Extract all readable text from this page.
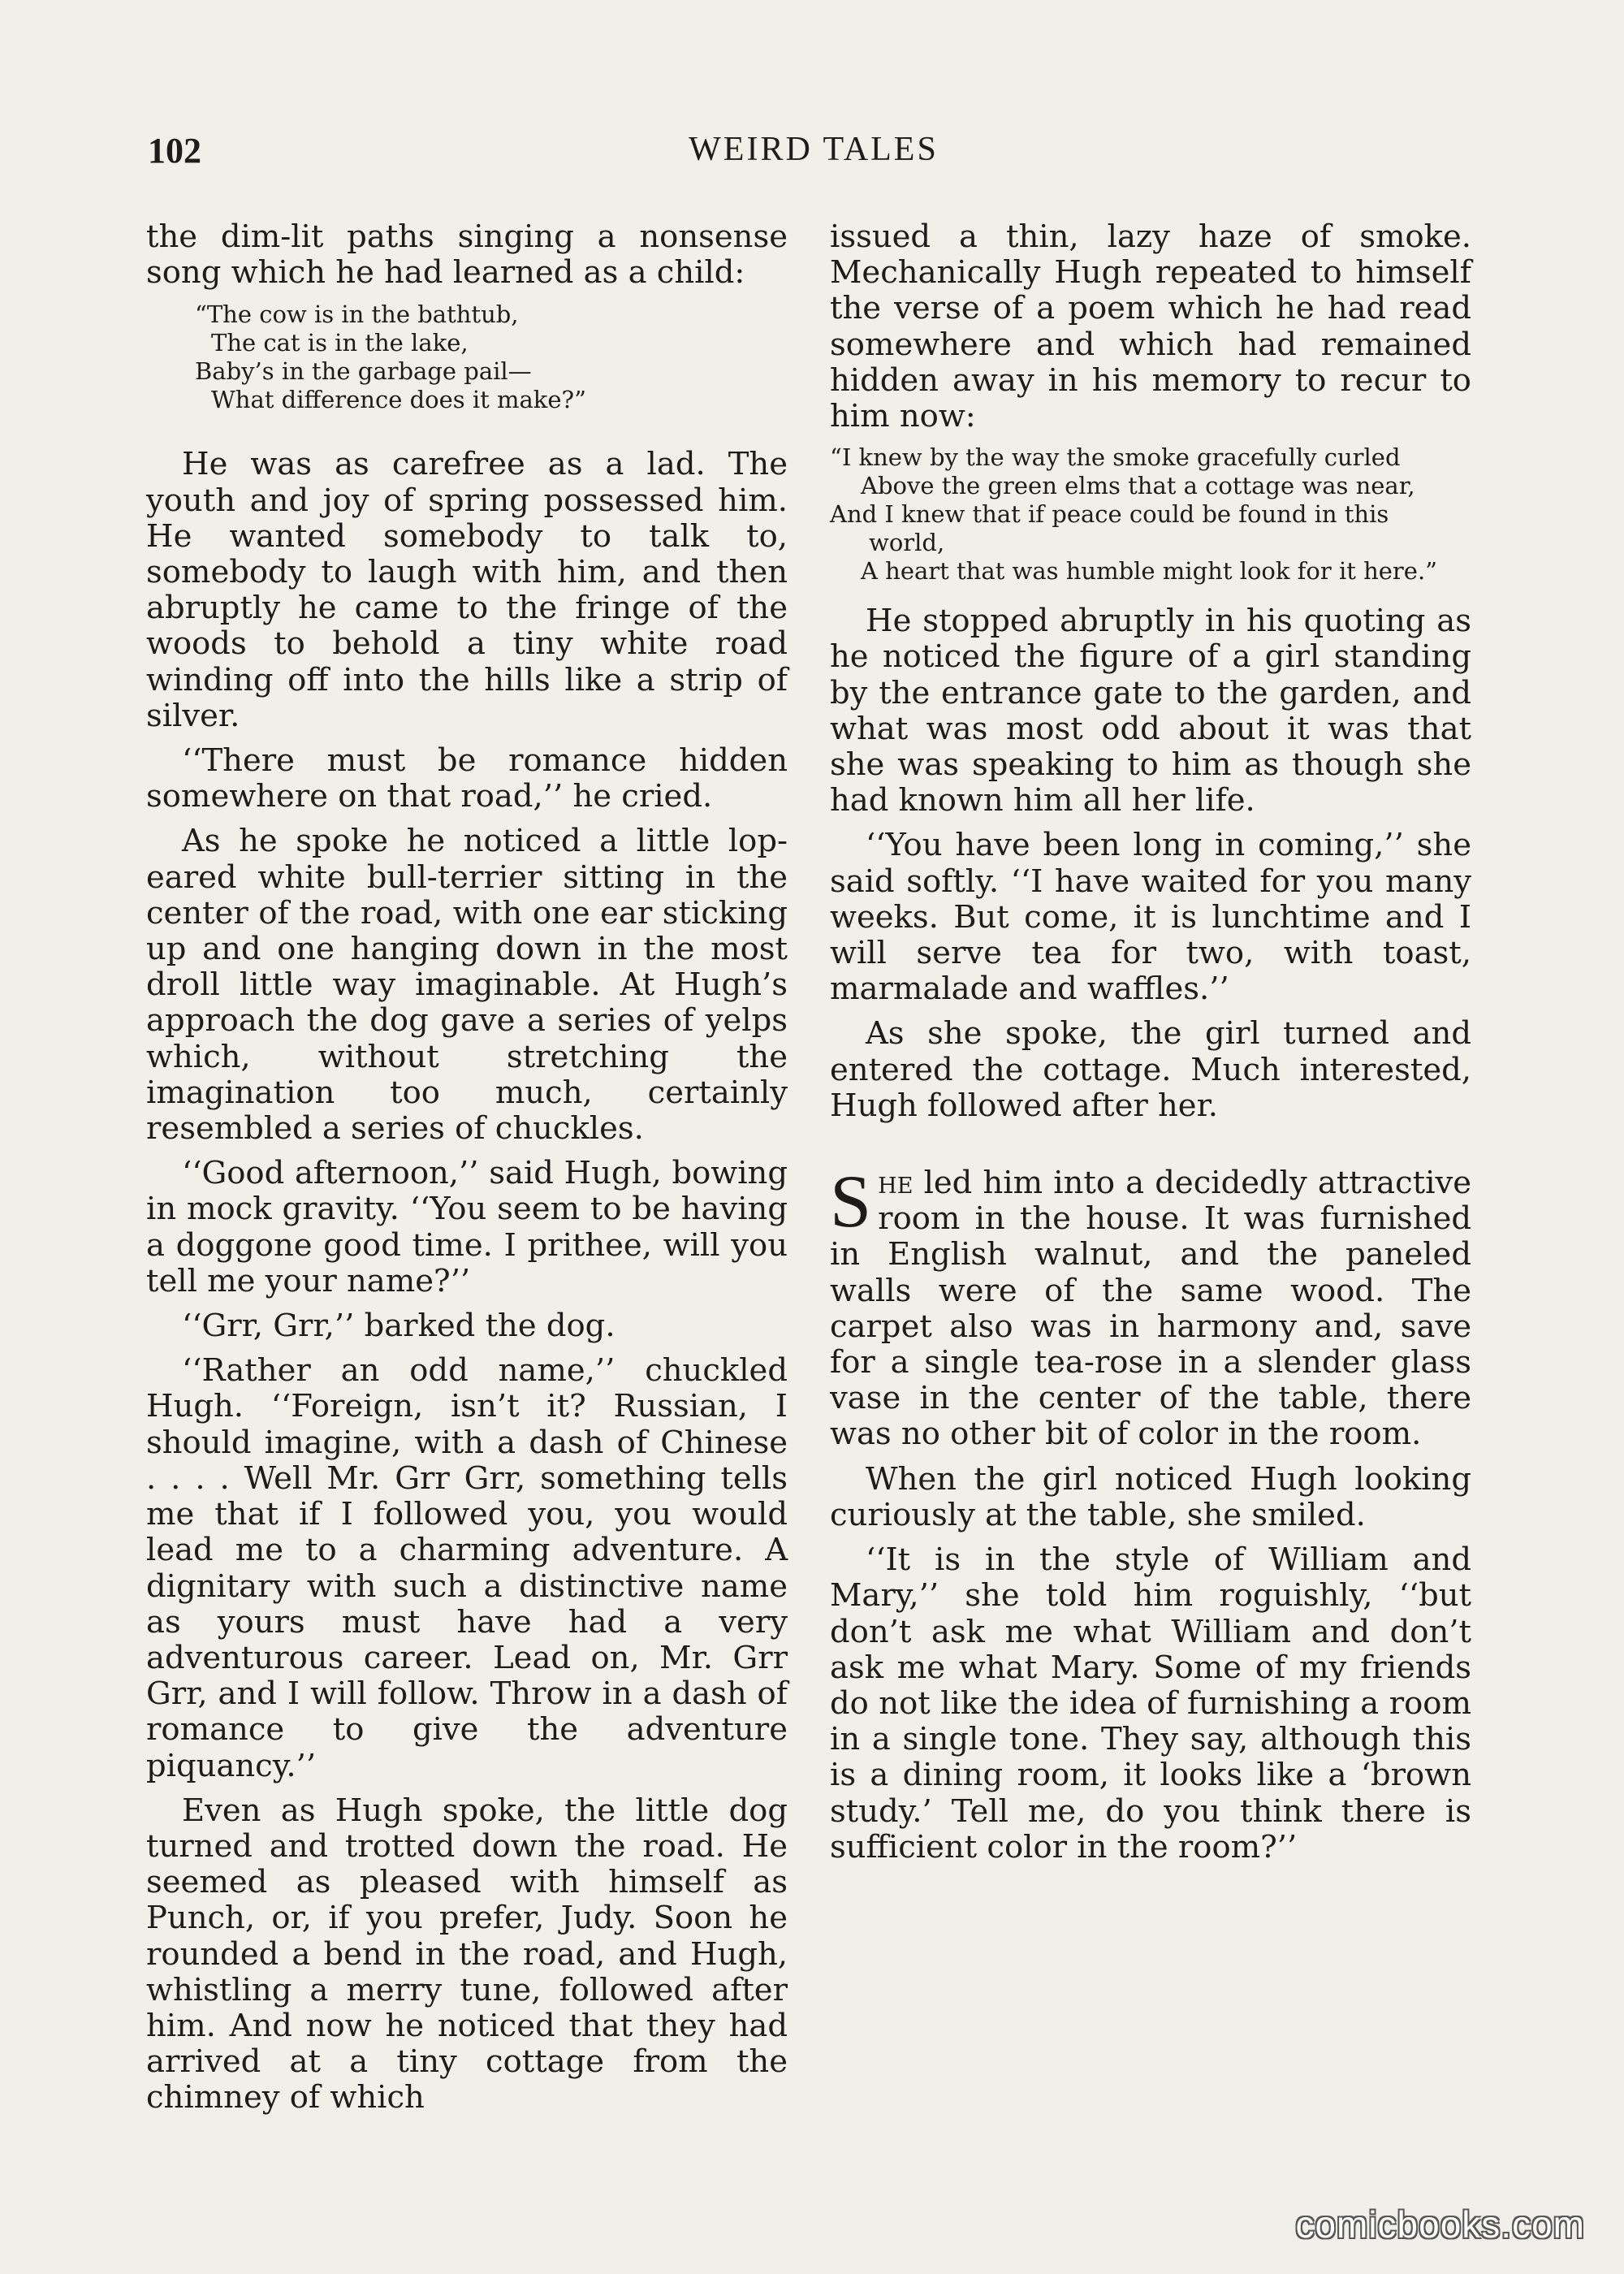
102	WEIRD TALES

the dim-lit paths singing a nonsense song which he had learned as a child:

“The cow is in the bathtub,
The cat is in the lake,
Baby’s in the garbage pail—
What difference does it make?”

He was as carefree as a lad. The youth and joy of spring possessed him. He wanted somebody to talk to, somebody to laugh with him, and then abruptly he came to the fringe of the woods to behold a tiny white road winding off into the hills like a strip of silver.

‘‘There must be romance hidden somewhere on that road,’’ he cried.

As he spoke he noticed a little lop-eared white bull-terrier sitting in the center of the road, with one ear sticking up and one hanging down in the most droll little way imaginable. At Hugh’s approach the dog gave a series of yelps which, without stretching the imagination too much, certainly resembled a series of chuckles.

‘‘Good afternoon,’’ said Hugh, bowing in mock gravity. ‘‘You seem to be having a doggone good time. I prithee, will you tell me your name?’’

‘‘Grr, Grr,’’ barked the dog.

‘‘Rather an odd name,’’ chuckled Hugh. ‘‘Foreign, isn’t it? Russian, I should imagine, with a dash of Chinese . . . . Well Mr. Grr Grr, something tells me that if I followed you, you would lead me to a charming adventure. A dignitary with such a distinctive name as yours must have had a very adventurous career. Lead on, Mr. Grr Grr, and I will follow. Throw in a dash of romance to give the adventure piquancy.’’

Even as Hugh spoke, the little dog turned and trotted down the road. He seemed as pleased with himself as Punch, or, if you prefer, Judy. Soon he rounded a bend in the road, and Hugh, whistling a merry tune, followed after him. And now he noticed that they had arrived at a tiny cottage from the chimney of which

issued a thin, lazy haze of smoke. Mechanically Hugh repeated to himself the verse of a poem which he had read somewhere and which had remained hidden away in his memory to recur to him now:

“I knew by the way the smoke gracefully curled
Above the green elms that a cottage was near,
And I knew that if peace could be found in this world,
A heart that was humble might look for it here.”

He stopped abruptly in his quoting as he noticed the figure of a girl standing by the entrance gate to the garden, and what was most odd about it was that she was speaking to him as though she had known him all her life.

‘‘You have been long in coming,’’ she said softly. ‘‘I have waited for you many weeks. But come, it is lunchtime and I will serve tea for two, with toast, marmalade and waffles.’’

As she spoke, the girl turned and entered the cottage. Much interested, Hugh followed after her.

She led him into a decidedly attractive room in the house. It was furnished in English walnut, and the paneled walls were of the same wood. The carpet also was in harmony and, save for a single tea-rose in a slender glass vase in the center of the table, there was no other bit of color in the room.

When the girl noticed Hugh looking curiously at the table, she smiled.

‘‘It is in the style of William and Mary,’’ she told him roguishly, ‘‘but don’t ask me what William and don’t ask me what Mary. Some of my friends do not like the idea of furnishing a room in a single tone. They say, although this is a dining room, it looks like a ‘brown study.’ Tell me, do you think there is sufficient color in the room?’’

comicbooks.com
